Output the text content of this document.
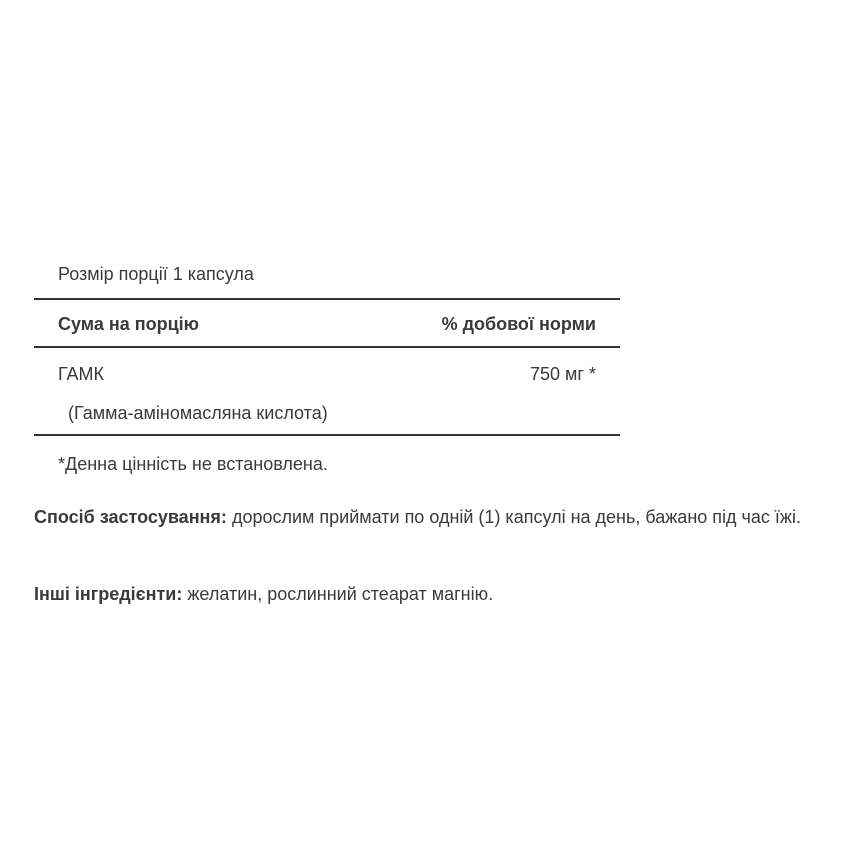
Розмір порції 1 капсула
Сума на порцію	% добової норми
ГАМК	750 мг *
(Гамма-аміномасляна кислота)
*Денна цінність не встановлена.
Спосіб застосування: дорослим приймати по одній (1) капсулі на день, бажано під час їжі.
Інші інгредієнти: желатин, рослинний стеарат магнію.
